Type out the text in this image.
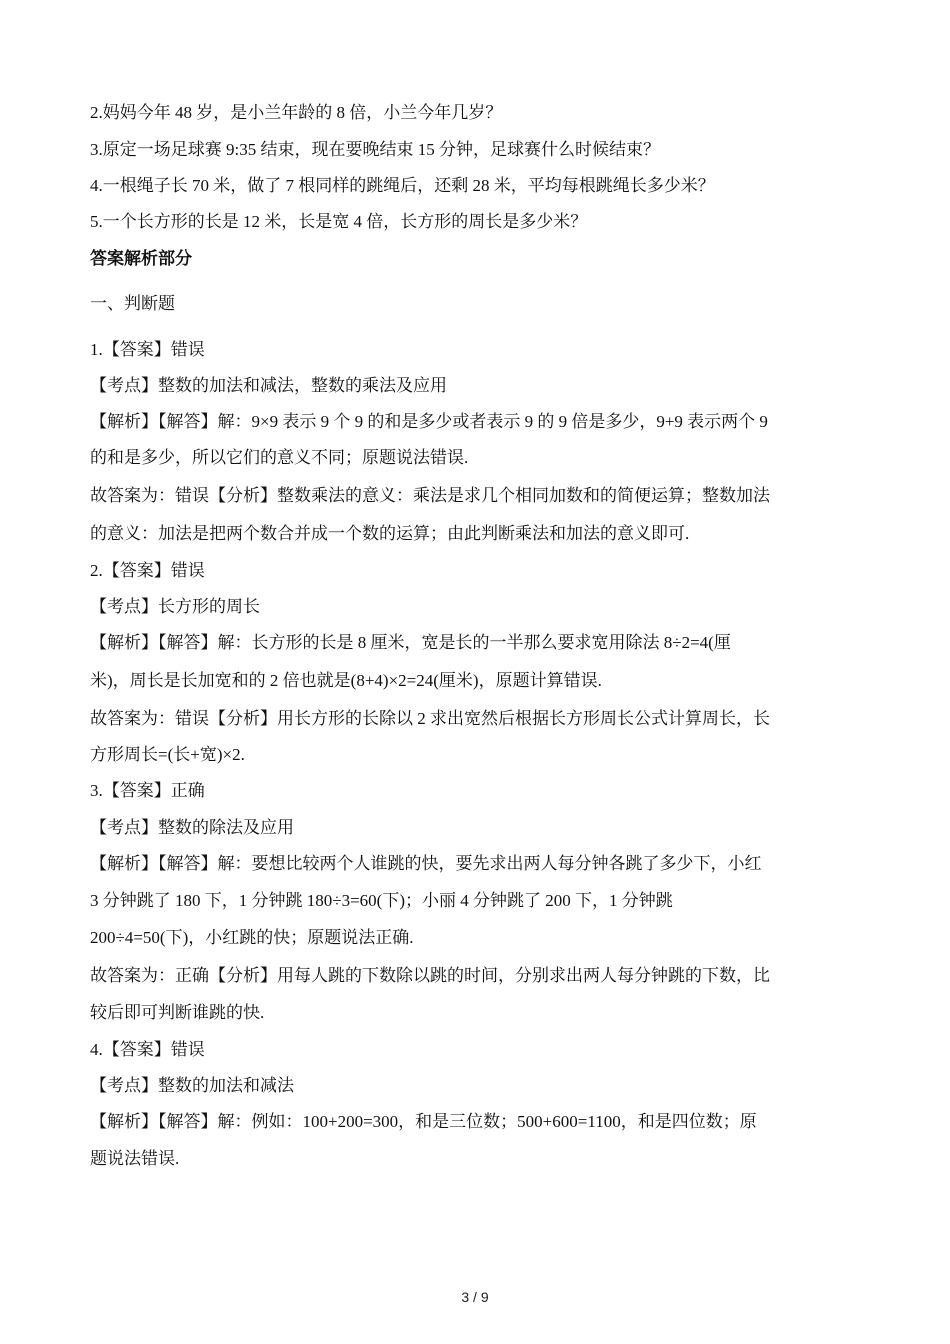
2.妈妈今年 48 岁，是小兰年龄的 8 倍，小兰今年几岁？
3.原定一场足球赛 9:35 结束，现在要晚结束 15 分钟，足球赛什么时候结束？
4.一根绳子长 70 米，做了 7 根同样的跳绳后，还剩 28 米，平均每根跳绳长多少米？
5.一个长方形的长是 12 米，长是宽 4 倍，长方形的周长是多少米？
答案解析部分
一、判断题
1.【答案】错误
【考点】整数的加法和减法，整数的乘法及应用
【解析】【解答】解：9×9 表示 9 个 9 的和是多少或者表示 9 的 9 倍是多少，9+9 表示两个 9
的和是多少，所以它们的意义不同；原题说法错误.
故答案为：错误【分析】整数乘法的意义：乘法是求几个相同加数和的简便运算；整数加法
的意义：加法是把两个数合并成一个数的运算；由此判断乘法和加法的意义即可.
2.【答案】错误
【考点】长方形的周长
【解析】【解答】解：长方形的长是 8 厘米，宽是长的一半那么要求宽用除法 8÷2=4(厘
米)，周长是长加宽和的 2 倍也就是(8+4)×2=24(厘米)，原题计算错误.
故答案为：错误【分析】用长方形的长除以 2 求出宽然后根据长方形周长公式计算周长，长
方形周长=(长+宽)×2.
3.【答案】正确
【考点】整数的除法及应用
【解析】【解答】解：要想比较两个人谁跳的快，要先求出两人每分钟各跳了多少下，小红
3 分钟跳了 180 下，1 分钟跳 180÷3=60(下)；小丽 4 分钟跳了 200 下，1 分钟跳
200÷4=50(下)，小红跳的快；原题说法正确.
故答案为：正确【分析】用每人跳的下数除以跳的时间，分别求出两人每分钟跳的下数，比
较后即可判断谁跳的快.
4.【答案】错误
【考点】整数的加法和减法
【解析】【解答】解：例如：100+200=300，和是三位数；500+600=1100，和是四位数；原
题说法错误.
3 / 9
